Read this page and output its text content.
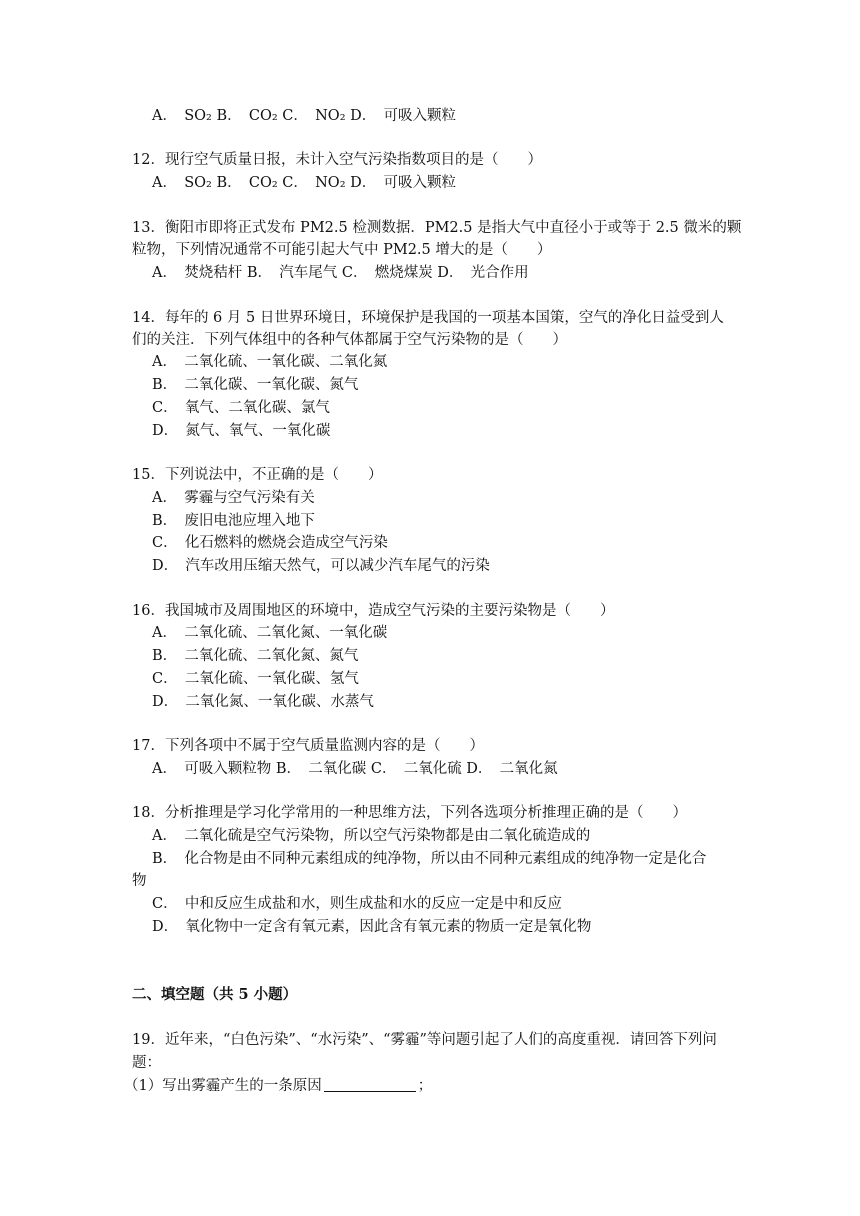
A．　SO₂ B．　CO₂ C．　NO₂ D．　可吸入颗粒
12．现行空气质量日报，未计入空气污染指数项目的是（　　）
A．　SO₂ B．　CO₂ C．　NO₂ D．　可吸入颗粒
13．衡阳市即将正式发布 PM2.5 检测数据．PM2.5 是指大气中直径小于或等于 2.5 微米的颗
粒物，下列情况通常不可能引起大气中 PM2.5 增大的是（　　）
A．　焚烧秸杆 B．　汽车尾气 C．　燃烧煤炭 D．　光合作用
14．每年的 6 月 5 日世界环境日，环境保护是我国的一项基本国策，空气的净化日益受到人
们的关注．下列气体组中的各种气体都属于空气污染物的是（　　）
A．　二氧化硫、一氧化碳、二氧化氮
B．　二氧化碳、一氧化碳、氮气
C．　氧气、二氧化碳、氯气
D．　氮气、氧气、一氧化碳
15．下列说法中，不正确的是（　　）
A．　雾霾与空气污染有关
B．　废旧电池应埋入地下
C．　化石燃料的燃烧会造成空气污染
D．　汽车改用压缩天然气，可以减少汽车尾气的污染
16．我国城市及周围地区的环境中，造成空气污染的主要污染物是（　　）
A．　二氧化硫、二氧化氮、一氧化碳
B．　二氧化硫、二氧化氮、氮气
C．　二氧化硫、一氧化碳、氢气
D．　二氧化氮、一氧化碳、水蒸气
17．下列各项中不属于空气质量监测内容的是（　　）
A．　可吸入颗粒物 B．　二氧化碳 C．　二氧化硫 D．　二氧化氮
18．分析推理是学习化学常用的一种思维方法，下列各选项分析推理正确的是（　　）
A．　二氧化硫是空气污染物，所以空气污染物都是由二氧化硫造成的
B．　化合物是由不同种元素组成的纯净物，所以由不同种元素组成的纯净物一定是化合
物
C．　中和反应生成盐和水，则生成盐和水的反应一定是中和反应
D．　氧化物中一定含有氧元素，因此含有氧元素的物质一定是氧化物
二、填空题（共 5 小题）
19．近年来，“白色污染”、“水污染”、“雾霾”等问题引起了人们的高度重视．请回答下列问
题：
（1）写出雾霾产生的一条原因	；
